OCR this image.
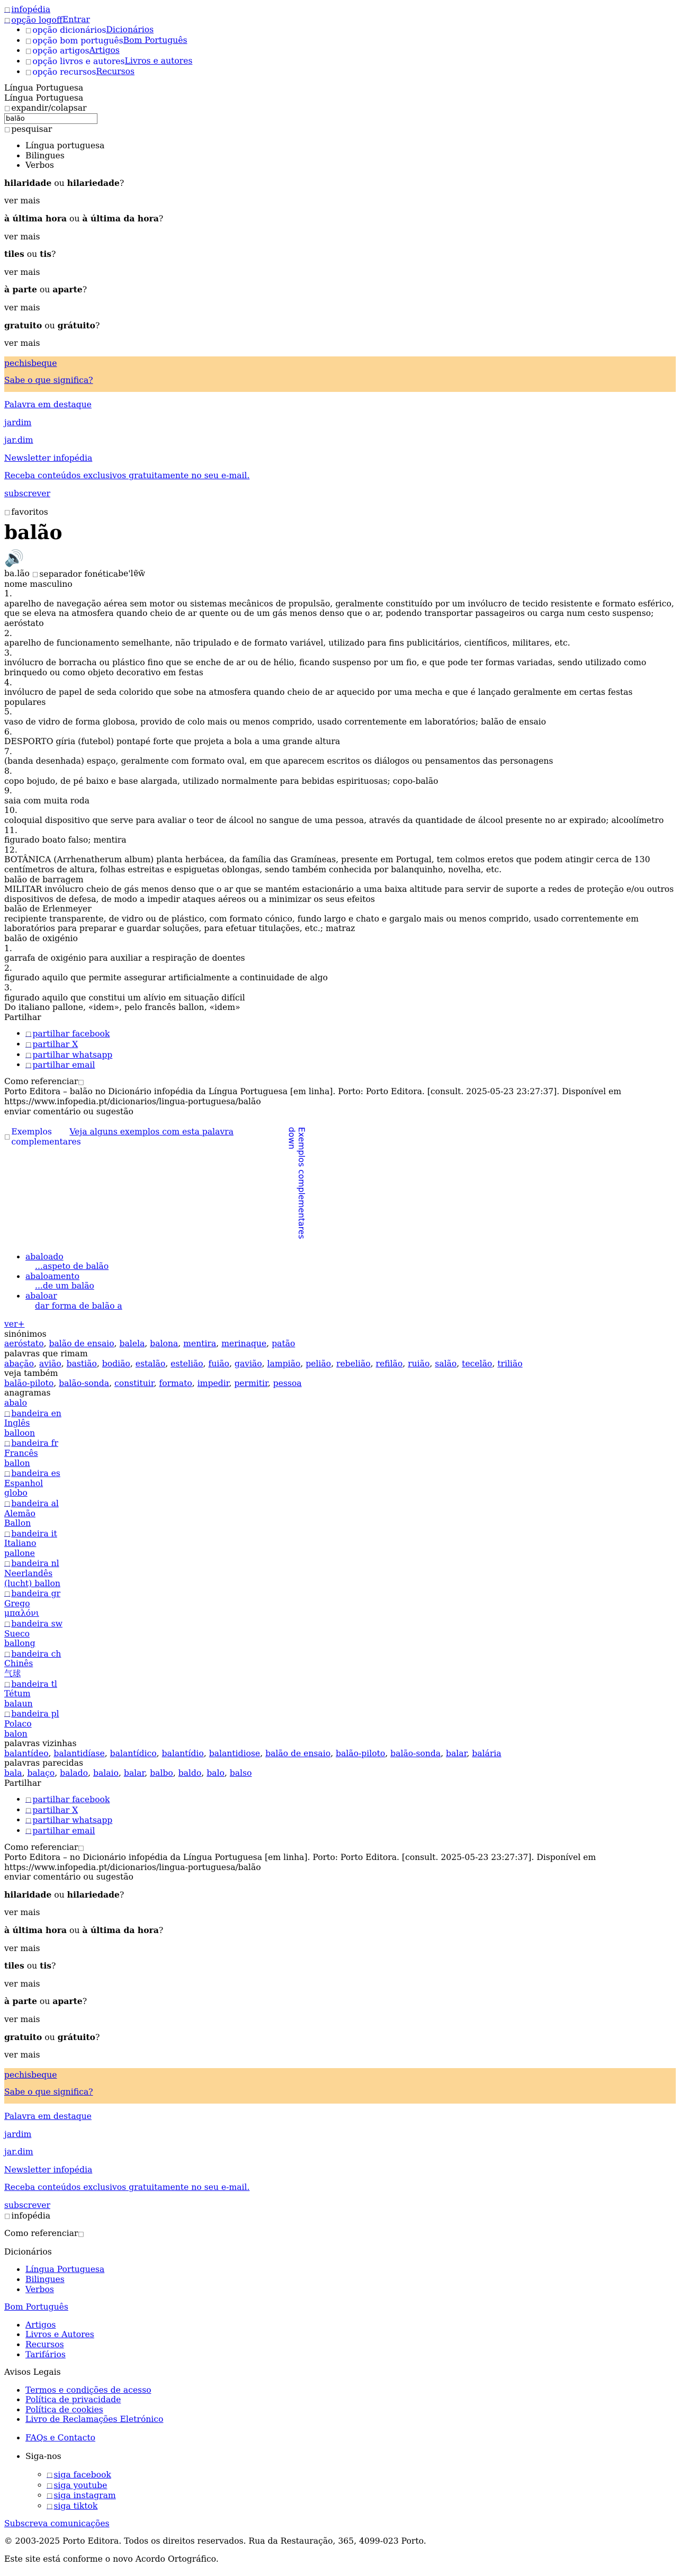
□ infopédia
□ opção logoff Entrar
• □ opção dicionáriosDicionários
• □ opção bom portuguêsBom Português
• □ opção artigosArtigos
• □ opção livros e autoresLivros e autores
• □ opção recursosRecursos

Língua Portuguesa

Língua Portuguesa
□ expandir/colapsar
balão
□ pesquisar
• Língua portuguesa
• Bilingues
• Verbos

hilaridade ou hilariedade?

ver mais

à última hora ou à última da hora?

ver mais

tiles ou tis?

ver mais

à parte ou aparte?

ver mais

gratuito ou grátuito?

ver mais

pechisbeque

Sabe o que significa?

Palavra em destaque

jardim

jar.dim

Newsletter infopédia

Receba conteúdos exclusivos gratuitamente no seu e-mail.

subscrever

□ favoritos
balão
🔊
ba.lão □ separador fonéticabe'lɐ̃w̃
nome masculino
1.
aparelho de navegação aérea sem motor ou sistemas mecânicos de propulsão, geralmente constituído por um invólucro de tecido resistente e formato esférico, que se eleva na atmosfera quando cheio de ar quente ou de um gás menos denso que o ar, podendo transportar passageiros ou carga num cesto suspenso; aeróstato
2.
aparelho de funcionamento semelhante, não tripulado e de formato variável, utilizado para fins publicitários, científicos, militares, etc.
3.
invólucro de borracha ou plástico fino que se enche de ar ou de hélio, ficando suspenso por um fio, e que pode ter formas variadas, sendo utilizado como brinquedo ou como objeto decorativo em festas
4.
invólucro de papel de seda colorido que sobe na atmosfera quando cheio de ar aquecido por uma mecha e que é lançado geralmente em certas festas populares
5.
vaso de vidro de forma globosa, provido de colo mais ou menos comprido, usado correntemente em laboratórios; balão de ensaio
6.
DESPORTO gíria (futebol) pontapé forte que projeta a bola a uma grande altura
7.
(banda desenhada) espaço, geralmente com formato oval, em que aparecem escritos os diálogos ou pensamentos das personagens
8.
copo bojudo, de pé baixo e base alargada, utilizado normalmente para bebidas espirituosas; copo-balão
9.
saia com muita roda
10.
coloquial dispositivo que serve para avaliar o teor de álcool no sangue de uma pessoa, através da quantidade de álcool presente no ar expirado; alcoolímetro
11.
figurado boato falso; mentira
12.
BOTÂNICA (Arrhenatherum album) planta herbácea, da família das Gramíneas, presente em Portugal, tem colmos eretos que podem atingir cerca de 130 centímetros de altura, folhas estreitas e espiguetas oblongas, sendo também conhecida por balanquinho, novelha, etc.
balão de barragem
MILITAR invólucro cheio de gás menos denso que o ar que se mantém estacionário a uma baixa altitude para servir de suporte a redes de proteção e/ou outros dispositivos de defesa, de modo a impedir ataques aéreos ou a minimizar os seus efeitos
balão de Erlenmeyer
recipiente transparente, de vidro ou de plástico, com formato cónico, fundo largo e chato e gargalo mais ou menos comprido, usado correntemente em laboratórios para preparar e guardar soluções, para efetuar titulações, etc.; matraz
balão de oxigénio
1.
garrafa de oxigénio para auxiliar a respiração de doentes
2.
figurado aquilo que permite assegurar artificialmente a continuidade de algo
3.
figurado aquilo que constitui um alívio em situação difícil
Do italiano pallone, «idem», pelo francês ballon, «idem»
Partilhar
• □ partilhar facebook
• □ partilhar X
• □ partilhar whatsapp
• □ partilhar email
Como referenciar□
Porto Editora – balão no Dicionário infopédia da Língua Portuguesa [em linha]. Porto: Porto Editora. [consult. 2025-05-23 23:27:37]. Disponível em https://www.infopedia.pt/dicionarios/lingua-portuguesa/balão
enviar comentário ou sugestão
□ Exemplos complementares
Veja alguns exemplos com esta palavra	Exemplos complementares
down
• abaloado
...aspeto de balão
• abaloamento
...de um balão
• abaloar
dar forma de balão a
ver+
sinónimos
aeróstato, balão de ensaio, balela, balona, mentira, merinaque, patão
palavras que rimam
abação, avião, bastião, bodião, estalão, estelião, fuião, gavião, lampião, pelião, rebelião, refilão, ruião, salão, tecelão, trilião
veja também
balão-piloto, balão-sonda, constituir, formato, impedir, permitir, pessoa
anagramas
abalo
□ bandeira en
Inglês
balloon
□ bandeira fr
Francês
ballon
□ bandeira es
Espanhol
globo
□ bandeira al
Alemão
Ballon
□ bandeira it
Italiano
pallone
□ bandeira nl
Neerlandês
(lucht) ballon
□ bandeira gr
Grego
μπαλόνι
□ bandeira sw
Sueco
ballong
□ bandeira ch
Chinês
气球
□ bandeira tl
Tétum
balaun
□ bandeira pl
Polaco
balon
palavras vizinhas
balantídeo, balantidíase, balantídico, balantídio, balantidiose, balão de ensaio, balão-piloto, balão-sonda, balar, balária
palavras parecidas
bala, balaço, balado, balaio, balar, balbo, baldo, balo, balso
Partilhar
• □ partilhar facebook
• □ partilhar X
• □ partilhar whatsapp
• □ partilhar email
Como referenciar□
Porto Editora – no Dicionário infopédia da Língua Portuguesa [em linha]. Porto: Porto Editora. [consult. 2025-05-23 23:27:37]. Disponível em https://www.infopedia.pt/dicionarios/lingua-portuguesa/balão
enviar comentário ou sugestão

hilaridade ou hilariedade?

ver mais

à última hora ou à última da hora?

ver mais

tiles ou tis?

ver mais

à parte ou aparte?

ver mais

gratuito ou grátuito?

ver mais

pechisbeque

Sabe o que significa?

Palavra em destaque

jardim

jar.dim

Newsletter infopédia

Receba conteúdos exclusivos gratuitamente no seu e-mail.

subscrever

□ infopédia

Como referenciar□

Dicionários

• Língua Portuguesa
• Bilingues
• Verbos

Bom Português

• Artigos
• Livros e Autores
• Recursos
• Tarifários

Avisos Legais

• Termos e condições de acesso
• Política de privacidade
• Política de cookies
• Livro de Reclamações Eletrónico
• FAQs e Contacto
• Siga-nos
◦ □ siga facebook
◦ □ siga youtube
◦ □ siga instagram
◦ □ siga tiktok

Subscreva comunicações

© 2003-2025 Porto Editora. Todos os direitos reservados. Rua da Restauração, 365, 4099-023 Porto.

Este site está conforme o novo Acordo Ortográfico.
